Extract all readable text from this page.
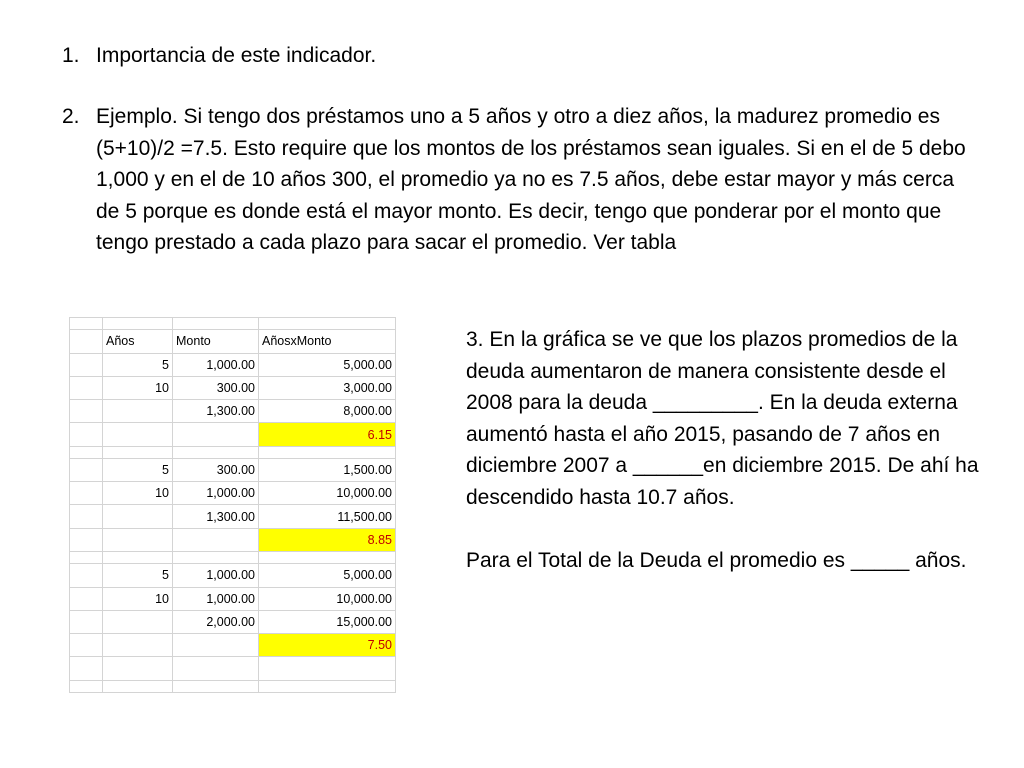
1. Importancia de este indicador.
2. Ejemplo. Si tengo dos préstamos uno a 5 años y otro a diez años, la madurez promedio es (5+10)/2 =7.5. Esto require que los montos de los préstamos sean iguales. Si en el de 5 debo 1,000 y en el de 10 años 300, el promedio ya no es 7.5 años, debe estar mayor y más cerca de 5 porque es donde está el mayor monto. Es decir, tengo que ponderar por el monto que tengo prestado a cada plazo para sacar el promedio. Ver tabla

	Años	Monto	AñosxMonto
	5	1,000.00	5,000.00
	10	300.00	3,000.00
		1,300.00	8,000.00
			6.15

	5	300.00	1,500.00
	10	1,000.00	10,000.00
		1,300.00	11,500.00
			8.85

	5	1,000.00	5,000.00
	10	1,000.00	10,000.00
		2,000.00	15,000.00
			7.50

3. En la gráfica se ve que los plazos promedios de la deuda aumentaron de manera consistente desde el 2008 para la deuda _________. En la deuda externa aumentó hasta el año 2015, pasando de 7 años en diciembre 2007 a ______en diciembre 2015. De ahí ha descendido hasta 10.7 años.

Para el Total de la Deuda el promedio es _____ años.
